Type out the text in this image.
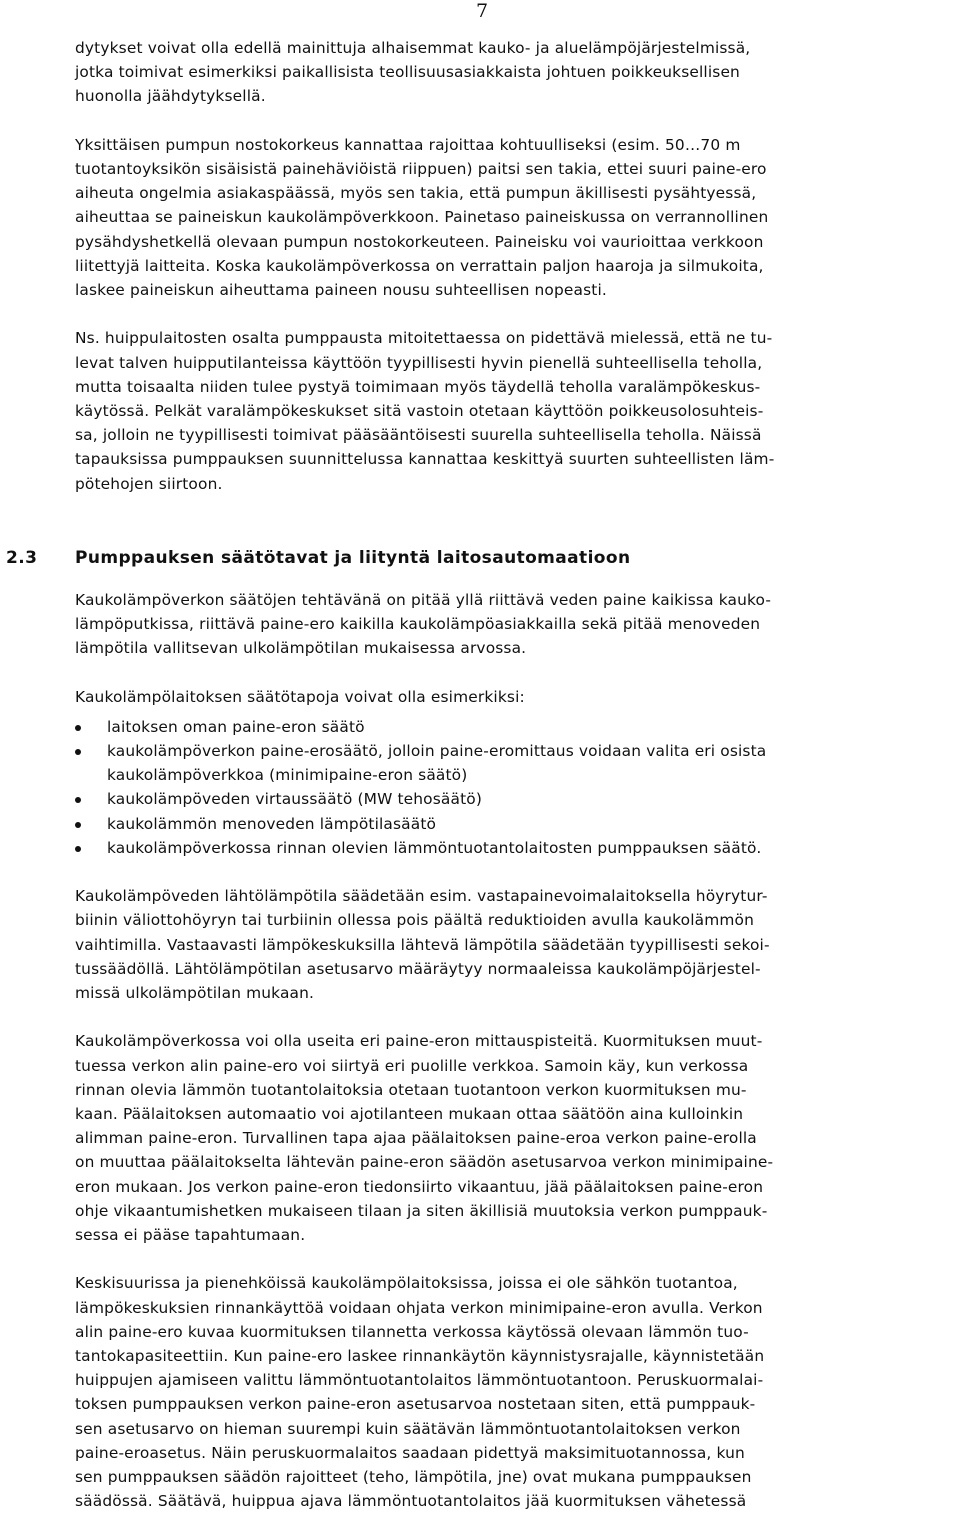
7
dytykset voivat olla edellä mainittuja alhaisemmat kauko- ja aluelämpöjärjestelmissä,
jotka toimivat esimerkiksi paikallisista teollisuusasiakkaista johtuen poikkeuksellisen
huonolla jäähdytyksellä.
Yksittäisen pumpun nostokorkeus kannattaa rajoittaa kohtuulliseksi (esim. 50…70 m
tuotantoyksikön sisäisistä painehäviöistä riippuen) paitsi sen takia, ettei suuri paine-ero
aiheuta ongelmia asiakaspäässä, myös sen takia, että pumpun äkillisesti pysähtyessä,
aiheuttaa se paineiskun kaukolämpöverkkoon. Painetaso paineiskussa on verrannollinen
pysähdyshetkellä olevaan pumpun nostokorkeuteen. Paineisku voi vaurioittaa verkkoon
liitettyjä laitteita. Koska kaukolämpöverkossa on verrattain paljon haaroja ja silmukoita,
laskee paineiskun aiheuttama paineen nousu suhteellisen nopeasti.
Ns. huippulaitosten osalta pumppausta mitoitettaessa on pidettävä mielessä, että ne tu-
levat talven huipputilanteissa käyttöön tyypillisesti hyvin pienellä suhteellisella teholla,
mutta toisaalta niiden tulee pystyä toimimaan myös täydellä teholla varalämpökeskus-
käytössä. Pelkät varalämpökeskukset sitä vastoin otetaan käyttöön poikkeusolosuhteis-
sa, jolloin ne tyypillisesti toimivat pääsääntöisesti suurella suhteellisella teholla. Näissä
tapauksissa pumppauksen suunnittelussa kannattaa keskittyä suurten suhteellisten läm-
pötehojen siirtoon.
2.3 Pumppauksen säätötavat ja liityntä laitosautomaatioon
Kaukolämpöverkon säätöjen tehtävänä on pitää yllä riittävä veden paine kaikissa kauko-
lämpöputkissa, riittävä paine-ero kaikilla kaukolämpöasiakkailla sekä pitää menoveden
lämpötila vallitsevan ulkolämpötilan mukaisessa arvossa.
Kaukolämpölaitoksen säätötapoja voivat olla esimerkiksi:
laitoksen oman paine-eron säätö
kaukolämpöverkon paine-erosäätö, jolloin paine-eromittaus voidaan valita eri osista
kaukolämpöverkkoa (minimipaine-eron säätö)
kaukolämpöveden virtaussäätö (MW tehosäätö)
kaukolämmön menoveden lämpötilasäätö
kaukolämpöverkossa rinnan olevien lämmöntuotantolaitosten pumppauksen säätö.
Kaukolämpöveden lähtölämpötila säädetään esim. vastapainevoimalaitoksella höyrytur-
biinin väliottohöyryn tai turbiinin ollessa pois päältä reduktioiden avulla kaukolämmön
vaihtimilla. Vastaavasti lämpökeskuksilla lähtevä lämpötila säädetään tyypillisesti sekoi-
tussäädöllä. Lähtölämpötilan asetusarvo määräytyy normaaleissa kaukolämpöjärjestel-
missä ulkolämpötilan mukaan.
Kaukolämpöverkossa voi olla useita eri paine-eron mittauspisteitä. Kuormituksen muut-
tuessa verkon alin paine-ero voi siirtyä eri puolille verkkoa. Samoin käy, kun verkossa
rinnan olevia lämmön tuotantolaitoksia otetaan tuotantoon verkon kuormituksen mu-
kaan. Päälaitoksen automaatio voi ajotilanteen mukaan ottaa säätöön aina kulloinkin
alimman paine-eron. Turvallinen tapa ajaa päälaitoksen paine-eroa verkon paine-erolla
on muuttaa päälaitokselta lähtevän paine-eron säädön asetusarvoa verkon minimipaine-
eron mukaan. Jos verkon paine-eron tiedonsiirto vikaantuu, jää päälaitoksen paine-eron
ohje vikaantumishetken mukaiseen tilaan ja siten äkillisiä muutoksia verkon pumppauk-
sessa ei pääse tapahtumaan.
Keskisuurissa ja pienehköissä kaukolämpölaitoksissa, joissa ei ole sähkön tuotantoa,
lämpökeskuksien rinnankäyttöä voidaan ohjata verkon minimipaine-eron avulla. Verkon
alin paine-ero kuvaa kuormituksen tilannetta verkossa käytössä olevaan lämmön tuo-
tantokapasiteettiin. Kun paine-ero laskee rinnankäytön käynnistysrajalle, käynnistetään
huippujen ajamiseen valittu lämmöntuotantolaitos lämmöntuotantoon. Peruskuormalai-
toksen pumppauksen verkon paine-eron asetusarvoa nostetaan siten, että pumppauk-
sen asetusarvo on hieman suurempi kuin säätävän lämmöntuotantolaitoksen verkon
paine-eroasetus. Näin peruskuormalaitos saadaan pidettyä maksimituotannossa, kun
sen pumppauksen säädön rajoitteet (teho, lämpötila, jne) ovat mukana pumppauksen
säädössä. Säätävä, huippua ajava lämmöntuotantolaitos jää kuormituksen vähetessä
